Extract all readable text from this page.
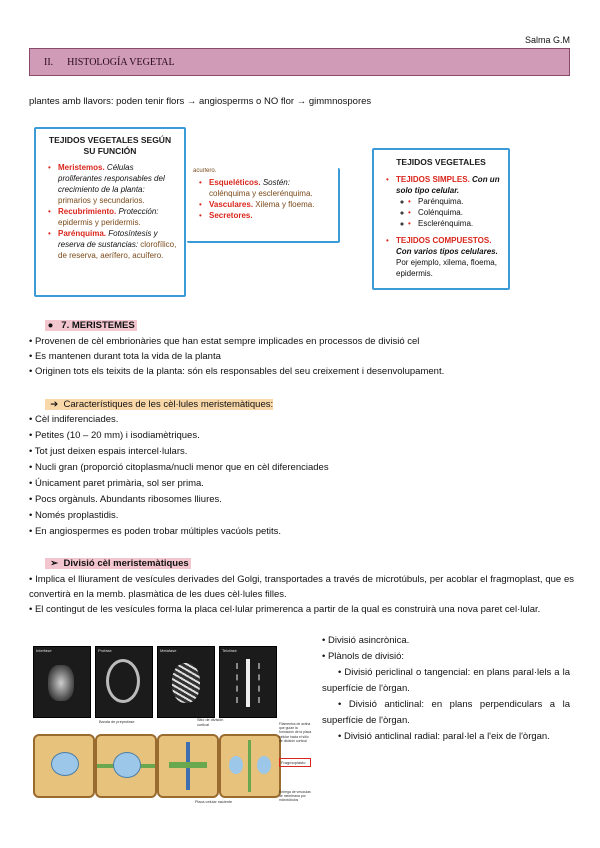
Salma G.M
II. HISTOLOGÍA VEGETAL
plantes amb llavors: poden tenir flors → angiosperms o NO flor → gimmnospores
TEJIDOS VEGETALES SEGÚN SU FUNCIÓN
• Meristemos. Células proliferantes responsables del crecimiento de la planta: primarios y secundarios.
• Recubrimiento. Protección: epidermis y peridermis.
• Parénquima. Fotosíntesis y reserva de sustancias: clorofílico, de reserva, aerífero, acuífero.
acuífero.
• Esqueléticos. Sostén: colénquima y esclerénquima.
• Vasculares. Xilema y floema.
• Secretores.
TEJIDOS VEGETALES
• TEJIDOS SIMPLES. Con un solo tipo celular.
• ◦ Parénquima.
• ◦ Colénquima.
• ◦ Esclerénquima.
• TEJIDOS COMPUESTOS. Con varios tipos celulares. Por ejemplo, xilema, floema, epidermis.
●   7. MERISTEMES
• Provenen de cèl embrionàries que han estat sempre implicades en processos de divisió cel
• Es mantenen durant tota la vida de la planta
• Originen tots els teixits de la planta: són els responsables del seu creixement i desenvolupament.
➔  Característiques de les cèl·lules meristemàtiques:
• Cèl indiferenciades.
• Petites (10 – 20 mm) i isodiamètriques.
• Tot just deixen espais intercel·lulars.
• Nucli gran (proporció citoplasma/nucli menor que en cèl diferenciades
• Únicament paret primària, sol ser prima.
• Pocs orgànuls. Abundants ribosomes lliures.
• Només proplastidis.
• En angiospermes es poden trobar múltiples vacúols petits.
➢  Divisió cèl meristemàtiques
• Implica el lliurament de vesícules derivades del Golgi, transportades a través de microtúbuls, per acoblar el fragmoplast, que es convertirà en la memb. plasmàtica de les dues cèl·lules filles.
• El contingut de les vesícules forma la placa cel·lular primerenca a partir de la qual es construirà una nova paret cel·lular.
Interfase	Profase	Metafase	Telofase
Banda de preprofase	Sitio de división cortical	Filamentos de actina que guían la formación de la placa celular hacia el sitio de división cortical
Fragmoplasto
Placa celular naciente
Entrega de vesículas de membrana por microtúbulos
• Divisió asincrònica.
• Plànols de divisió:
• Divisió periclinal o tangencial: en plans paral·lels a la superfície de l'òrgan.
• Divisió anticlinal: en plans perpendiculars a la superfície de l'òrgan.
• Divisió anticlinal radial: paral·lel a l'eix de l'òrgan.
